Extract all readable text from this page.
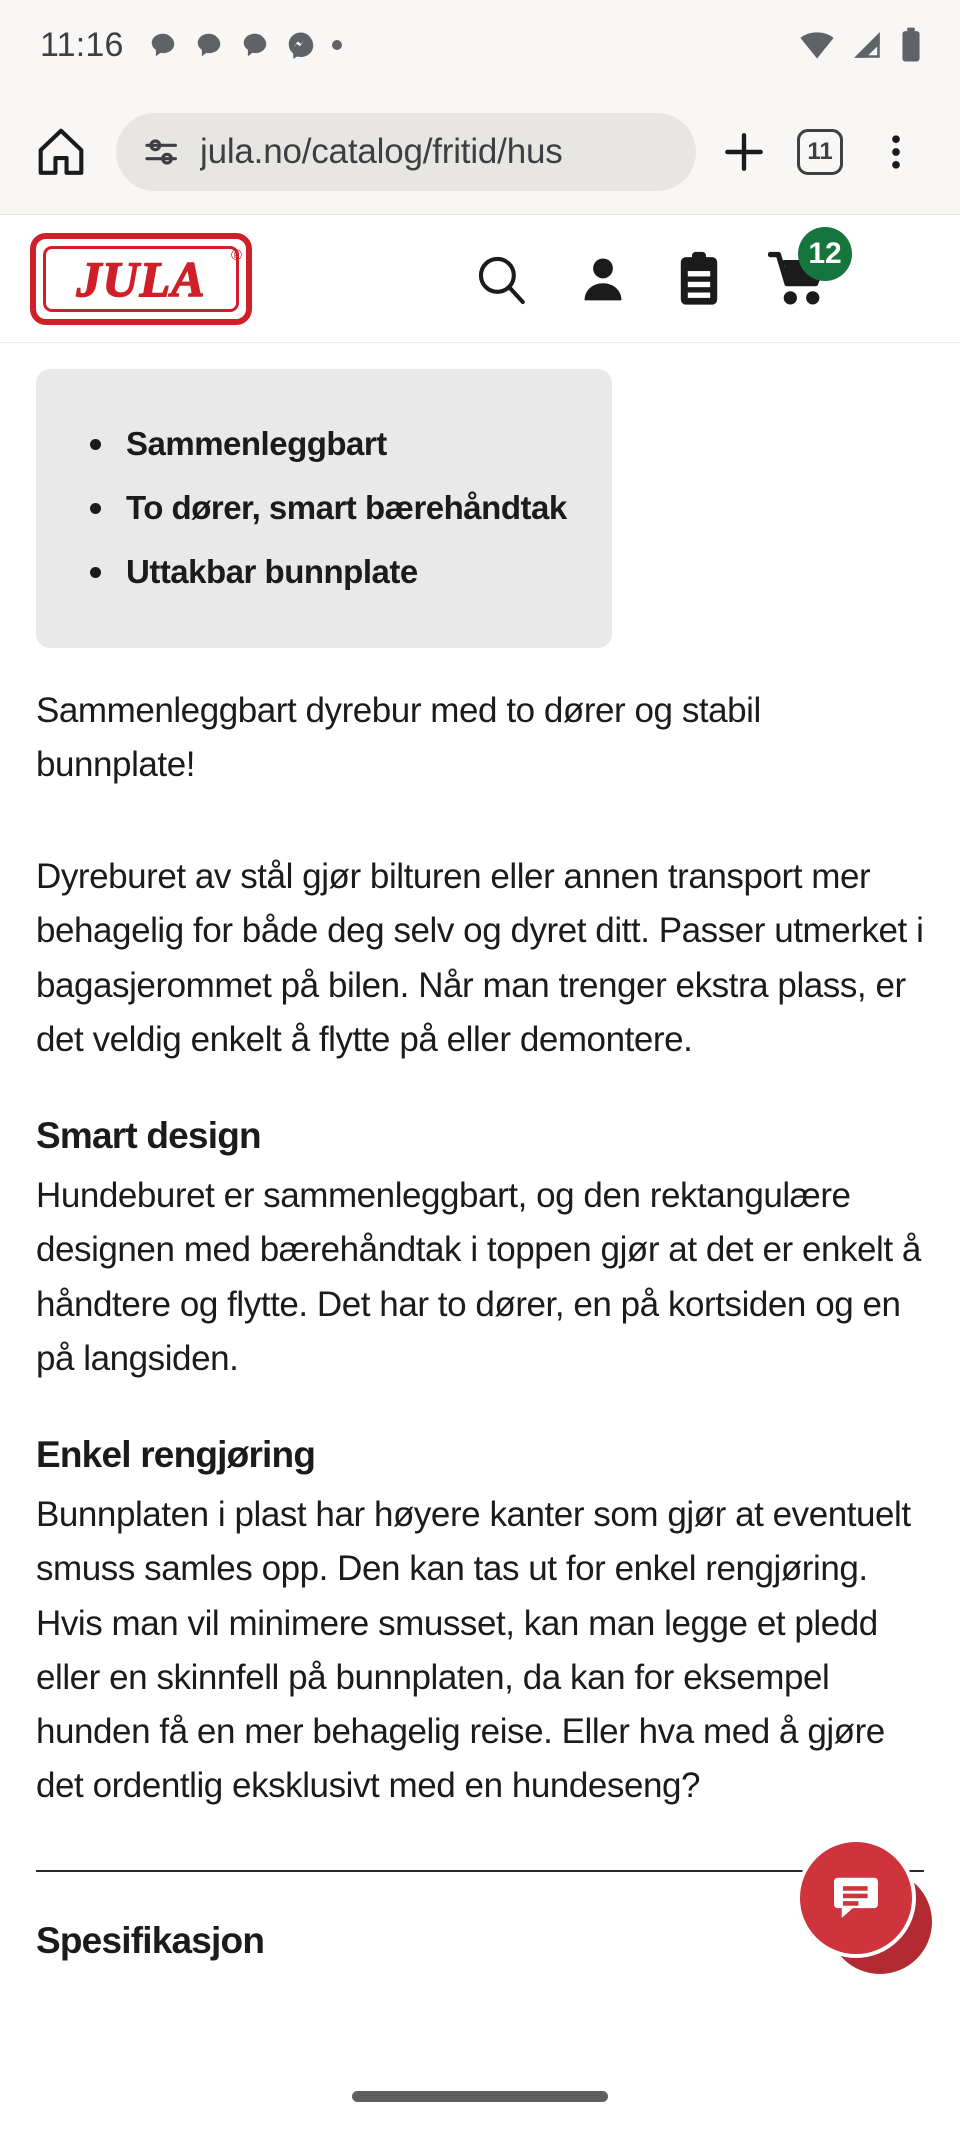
11:16
jula.no/catalog/fritid/hus	11
JULA ®	12
Sammenleggbart
To dører, smart bærehåndtak
Uttakbar bunnplate

Sammenleggbart dyrebur med to dører og stabil bunnplate!

Dyreburet av stål gjør bilturen eller annen transport mer behagelig for både deg selv og dyret ditt. Passer utmerket i bagasjerommet på bilen. Når man trenger ekstra plass, er det veldig enkelt å flytte på eller demontere.

Smart design

Hundeburet er sammenleggbart, og den rektangulære designen med bærehåndtak i toppen gjør at det er enkelt å håndtere og flytte. Det har to dører, en på kortsiden og en på langsiden.

Enkel rengjøring

Bunnplaten i plast har høyere kanter som gjør at eventuelt smuss samles opp. Den kan tas ut for enkel rengjøring. Hvis man vil minimere smusset, kan man legge et pledd eller en skinnfell på bunnplaten, da kan for eksempel hunden få en mer behagelig reise. Eller hva med å gjøre det ordentlig eksklusivt med en hundeseng?

Spesifikasjon
